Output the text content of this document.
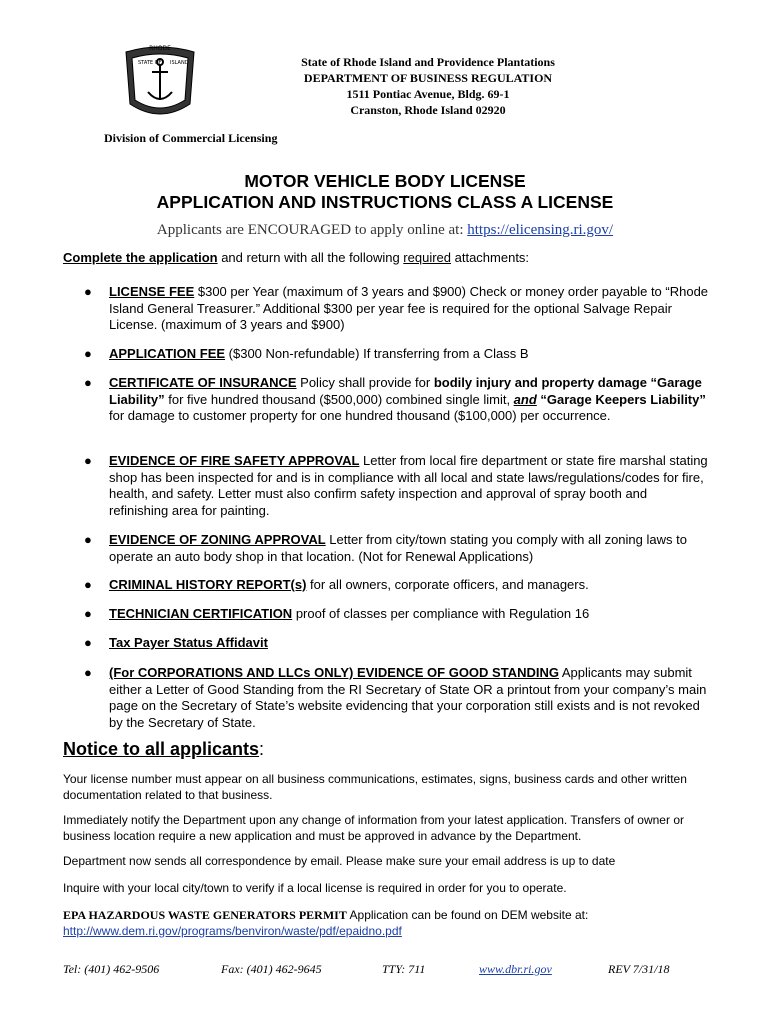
RHODE
STATE OF ISLAND
HOPE
State of Rhode Island and Providence Plantations
DEPARTMENT OF BUSINESS REGULATION
1511 Pontiac Avenue, Bldg. 69-1
Cranston, Rhode Island 02920
Division of Commercial Licensing
MOTOR VEHICLE BODY LICENSE
APPLICATION AND INSTRUCTIONS CLASS A LICENSE
Applicants are ENCOURAGED to apply online at: https://elicensing.ri.gov/
Complete the application and return with all the following required attachments:
● LICENSE FEE $300 per Year (maximum of 3 years and $900) Check or money order payable to “Rhode Island General Treasurer.” Additional $300 per year fee is required for the optional Salvage Repair License. (maximum of 3 years and $900)
● APPLICATION FEE ($300 Non-refundable) If transferring from a Class B
● CERTIFICATE OF INSURANCE Policy shall provide for bodily injury and property damage “Garage Liability” for five hundred thousand ($500,000) combined single limit, and “Garage Keepers Liability” for damage to customer property for one hundred thousand ($100,000) per occurrence.
● EVIDENCE OF FIRE SAFETY APPROVAL Letter from local fire department or state fire marshal stating shop has been inspected for and is in compliance with all local and state laws/regulations/codes for fire, health, and safety. Letter must also confirm safety inspection and approval of spray booth and refinishing area for painting.
● EVIDENCE OF ZONING APPROVAL Letter from city/town stating you comply with all zoning laws to operate an auto body shop in that location. (Not for Renewal Applications)
● CRIMINAL HISTORY REPORT(s) for all owners, corporate officers, and managers.
● TECHNICIAN CERTIFICATION proof of classes per compliance with Regulation 16
● Tax Payer Status Affidavit
● (For CORPORATIONS AND LLCs ONLY) EVIDENCE OF GOOD STANDING Applicants may submit either a Letter of Good Standing from the RI Secretary of State OR a printout from your company’s main page on the Secretary of State’s website evidencing that your corporation still exists and is not revoked by the Secretary of State.
Notice to all applicants:
Your license number must appear on all business communications, estimates, signs, business cards and other written documentation related to that business.
Immediately notify the Department upon any change of information from your latest application. Transfers of owner or business location require a new application and must be approved in advance by the Department.
Department now sends all correspondence by email. Please make sure your email address is up to date
Inquire with your local city/town to verify if a local license is required in order for you to operate.
EPA HAZARDOUS WASTE GENERATORS PERMIT Application can be found on DEM website at:
http://www.dem.ri.gov/programs/benviron/waste/pdf/epaidno.pdf
Tel: (401) 462-9506	Fax: (401) 462-9645	TTY: 711	www.dbr.ri.gov	REV 7/31/18
